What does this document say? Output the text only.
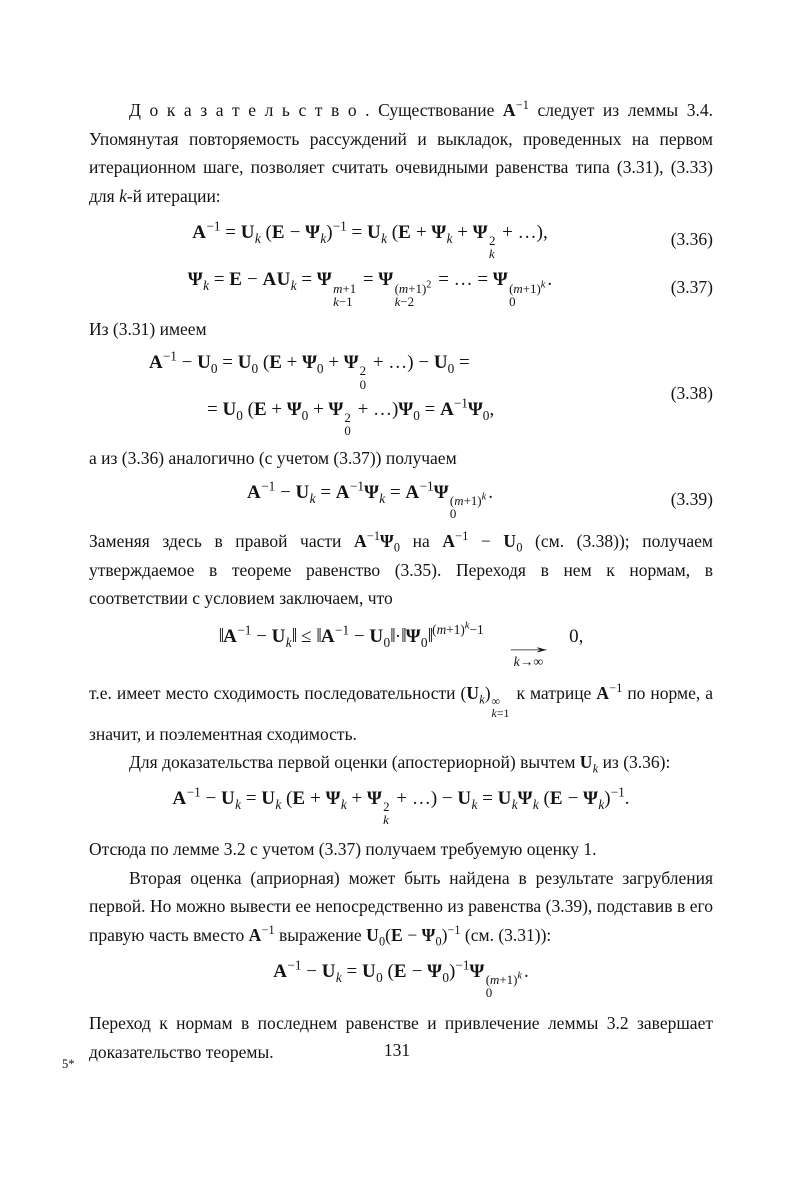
Д о к а з а т е л ь с т в о . Существование $A^{-1}$ следует из леммы 3.4. Упомянутая повторяемость рассуждений и выкладок, проведенных на первом итерационном шаге, позволяет считать очевидными равенства типа (3.31), (3.33) для k-й итерации:

$A^{-1} = U_k$ $(E - \Psi_k)^{-1} = U_k$ ($E + \Psi_k + \Psi$ 2
k
+ …),	(3.36)
$\Psi_k = E - AU_k = \Psi$ m+1
k−1
= Ψ $(m+1)^2$
k−2
= … = Ψ $(m+1)^k$
0
.	(3.37)

Из (3.31) имеем

$A^{-1} - U_0 = U_0$ ($E + \Psi_0 + \Psi$ 2
0
+ …) − $U_0$ =
= $U_0$ ($E + \Psi_0 + \Psi$ 2
0
+ $\dots)\Psi_0 = A^{-1}\Psi_0$,
(3.38)

а из (3.36) аналогично (с учетом (3.37)) получаем

$A^{-1} - U_k = A^{-1}\Psi_k = A^{-1}\Psi$ $(m+1)^k$
0
.	(3.39)

Заменяя здесь в правой части $A^{-1}\Psi_0$ на $A^{-1} - U_0$ (см. (3.38)); получаем утверждаемое в теореме равенство (3.35). Переходя в нем к нормам, в соответствии с условием заключаем, что

$‖A^{-1}$ − $U_k‖$ ≤ $‖A^{-1}$ − $U_0‖\cdot‖\Psi_0‖^{(m+1)^k-1}$
→
k→∞
0,

т.е. имеет место сходимость последовательности $(U_k)$ ∞
k=1
к матрице $A^{-1}$ по норме, а значит, и поэлементная сходимость.

Для доказательства первой оценки (апостериорной) вычтем $U_k$ из (3.36):

$A^{-1} - U_k = U_k$ ($E + \Psi_k + \Psi$ 2
k
+ …) − $U_k = U_k\Psi_k$ $(E - \Psi_k)^{-1}$.

Отсюда по лемме 3.2 с учетом (3.37) получаем требуемую оценку 1.

Вторая оценка (априорная) может быть найдена в результате загрубления первой. Но можно вывести ее непосредственно из равенства (3.39), подставив в его правую часть вместо $A^{-1}$ выражение $U_0(E - \Psi_0)^{-1}$ (см. (3.31)):

$A^{-1} - U_k = U_0$ $(E - \Psi_0)^{-1}\Psi$ $(m+1)^k$
0
.

Переход к нормам в последнем равенстве и привлечение леммы 3.2 завершает доказательство теоремы.	131
5*
